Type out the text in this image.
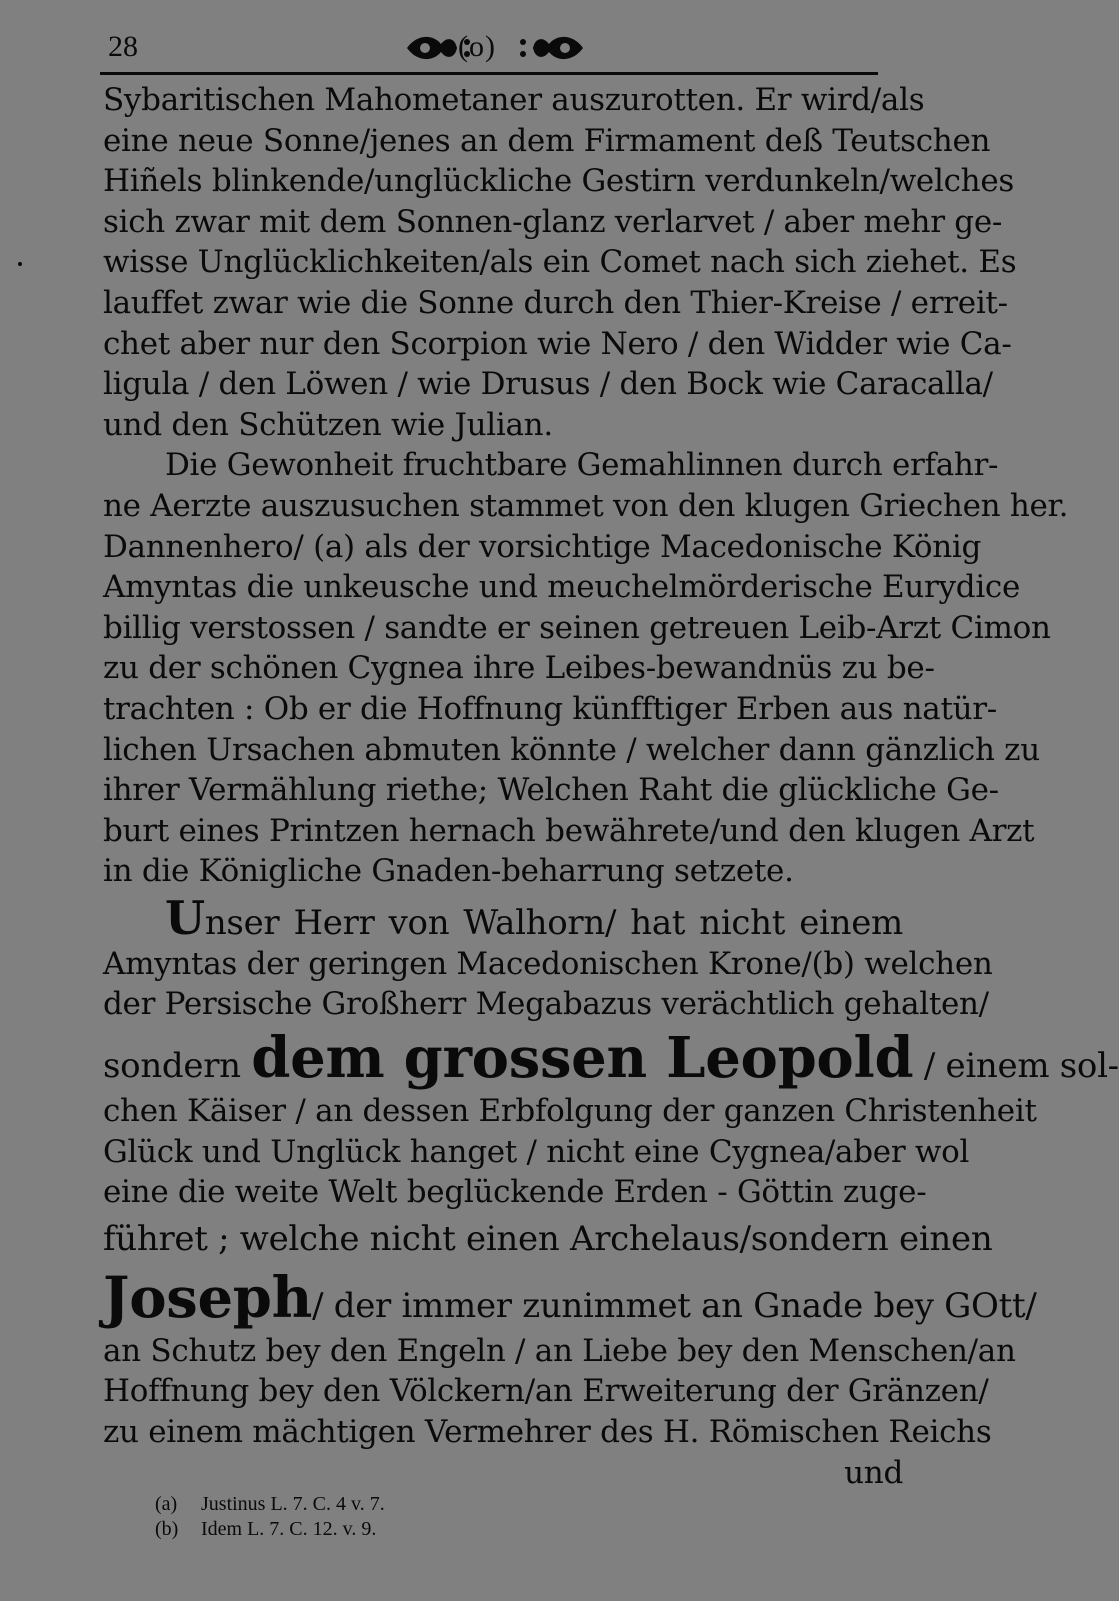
28	(o)
Sybaritischen Mahometaner auszurotten. Er wird/als
eine neue Sonne/jenes an dem Firmament deß Teutschen
Hiñels blinkende/unglückliche Gestirn verdunkeln/welches
sich zwar mit dem Sonnen-glanz verlarvet / aber mehr ge-
wisse Unglücklichkeiten/als ein Comet nach sich ziehet. Es
lauffet zwar wie die Sonne durch den Thier-Kreise / erreit-
chet aber nur den Scorpion wie Nero / den Widder wie Ca-
ligula / den Löwen / wie Drusus / den Bock wie Caracalla/
und den Schützen wie Julian.
Die Gewonheit fruchtbare Gemahlinnen durch erfahr-
ne Aerzte auszusuchen stammet von den klugen Griechen her.
Dannenhero/ (a) als der vorsichtige Macedonische König
Amyntas die unkeusche und meuchelmörderische Eurydice
billig verstossen / sandte er seinen getreuen Leib-Arzt Cimon
zu der schönen Cygnea ihre Leibes-bewandnüs zu be-
trachten : Ob er die Hoffnung künfftiger Erben aus natür-
lichen Ursachen abmuten könnte / welcher dann gänzlich zu
ihrer Vermählung riethe; Welchen Raht die glückliche Ge-
burt eines Printzen hernach bewährete/und den klugen Arzt
in die Königliche Gnaden-beharrung setzete.
Unser Herr von Walhorn/ hat nicht einem
Amyntas der geringen Macedonischen Krone/(b) welchen
der Persische Großherr Megabazus verächtlich gehalten/
sondern dem grossen Leopold / einem sol-
chen Käiser / an dessen Erbfolgung der ganzen Christenheit
Glück und Unglück hanget / nicht eine Cygnea/aber wol
eine die weite Welt beglückende Erden - Göttin zuge-
führet ; welche nicht einen Archelaus/sondern einen
Joseph/ der immer zunimmet an Gnade bey GOtt/
an Schutz bey den Engeln / an Liebe bey den Menschen/an
Hoffnung bey den Völckern/an Erweiterung der Gränzen/
zu einem mächtigen Vermehrer des H. Römischen Reichs
und
(a) Justinus L. 7. C. 4 v. 7.
(b) Idem L. 7. C. 12. v. 9.
